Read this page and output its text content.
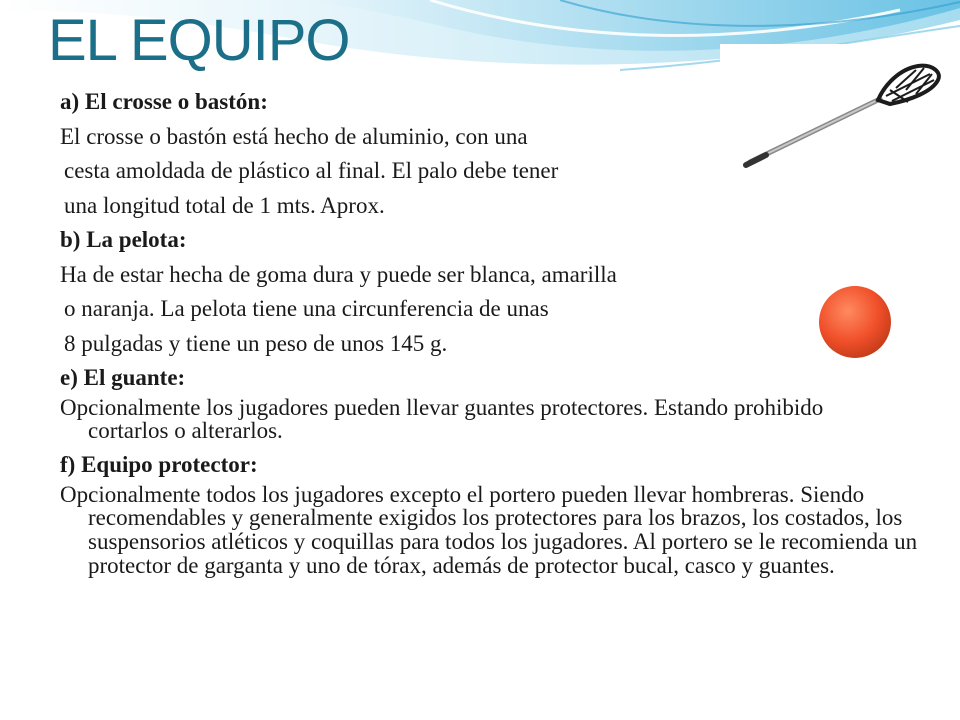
EL EQUIPO

a) El crosse o bastón:

El crosse o bastón está hecho de aluminio, con una

cesta amoldada de plástico al final. El palo debe tener

una longitud total de 1 mts. Aprox.

b) La pelota:

Ha de estar hecha de goma dura y puede ser blanca, amarilla

o naranja. La pelota tiene una circunferencia de unas

8 pulgadas y tiene un peso de unos 145 g.

e) El guante:

Opcionalmente los jugadores pueden llevar guantes protectores. Estando prohibido cortarlos o alterarlos.

f) Equipo protector:

Opcionalmente todos los jugadores excepto el portero pueden llevar hombreras. Siendo recomendables y generalmente exigidos los protectores para los brazos, los costados, los suspensorios atléticos y coquillas para todos los jugadores. Al portero se le recomienda un protector de garganta y uno de tórax, además de protector bucal, casco y guantes.
